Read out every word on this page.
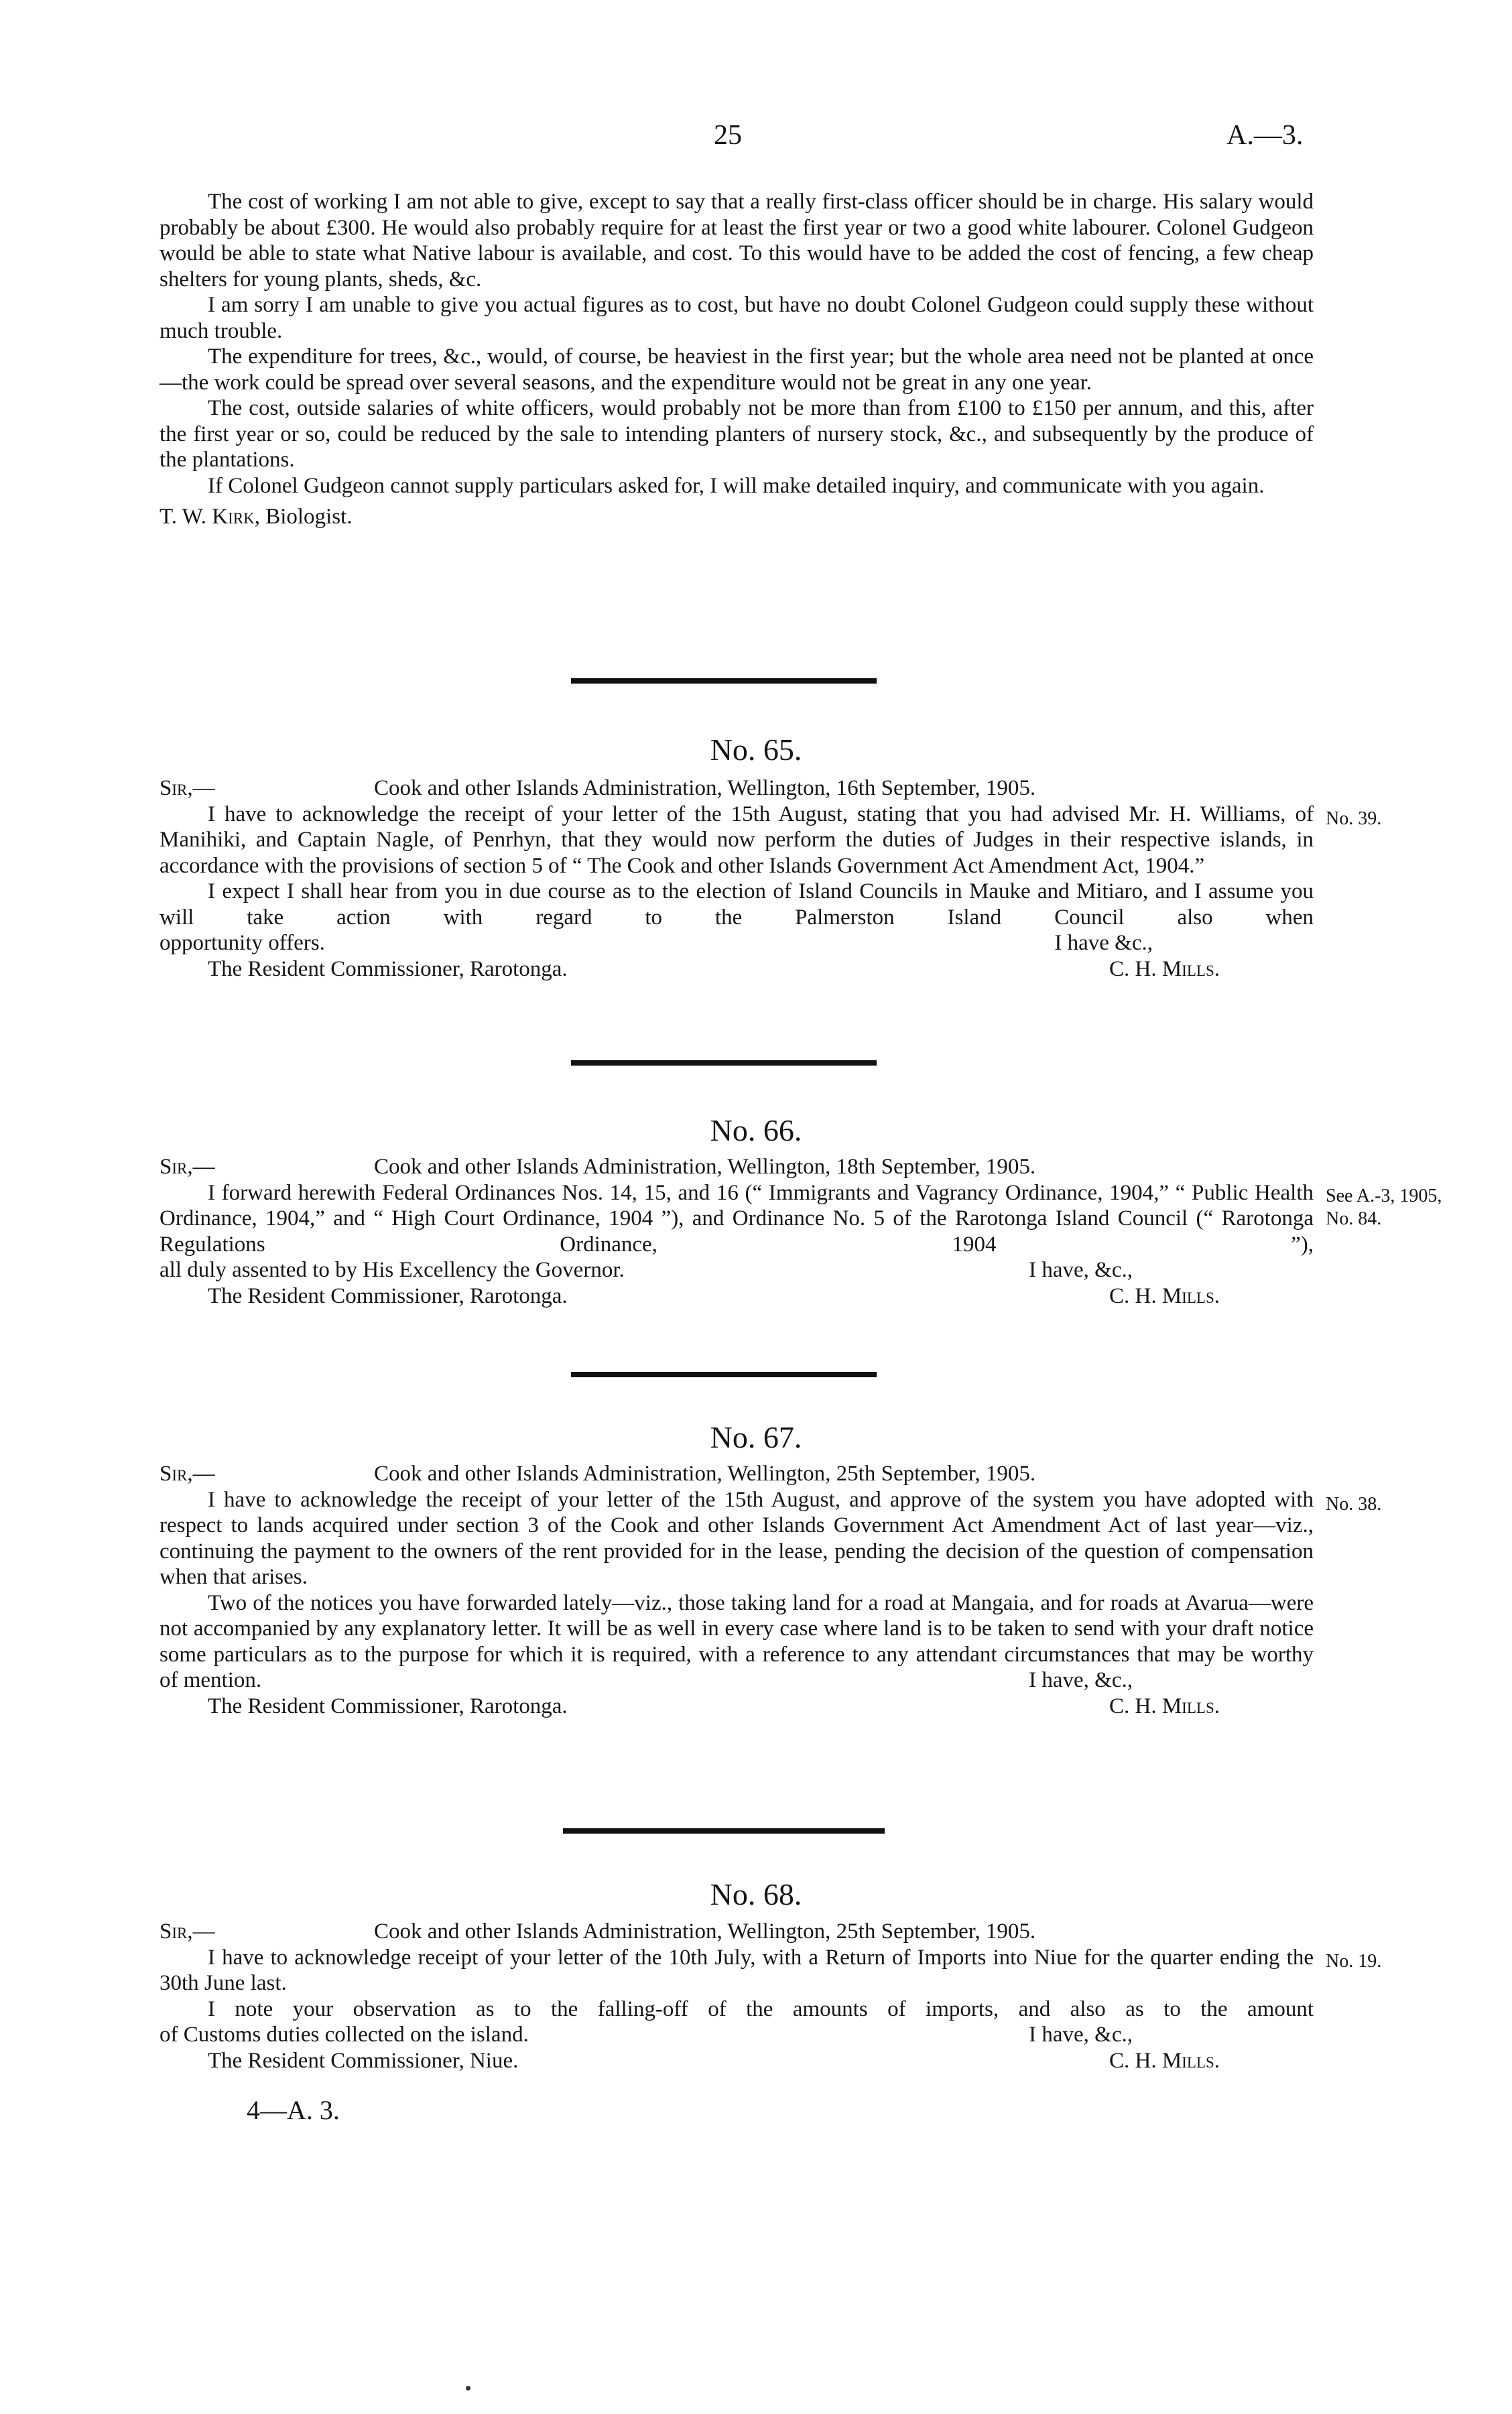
25	A.—3.

The cost of working I am not able to give, except to say that a really first-class officer should be in charge. His salary would probably be about £300. He would also probably require for at least the first year or two a good white labourer. Colonel Gudgeon would be able to state what Native labour is available, and cost. To this would have to be added the cost of fencing, a few cheap shelters for young plants, sheds, &c.

I am sorry I am unable to give you actual figures as to cost, but have no doubt Colonel Gudgeon could supply these without much trouble.

The expenditure for trees, &c., would, of course, be heaviest in the first year; but the whole area need not be planted at once—the work could be spread over several seasons, and the expenditure would not be great in any one year.

The cost, outside salaries of white officers, would probably not be more than from £100 to £150 per annum, and this, after the first year or so, could be reduced by the sale to intending planters of nursery stock, &c., and subsequently by the produce of the plantations.

If Colonel Gudgeon cannot supply particulars asked for, I will make detailed inquiry, and communicate with you again.

T. W. Kirk, Biologist.

No. 65.
Sir,—	Cook and other Islands Administration, Wellington, 16th September, 1905.

I have to acknowledge the receipt of your letter of the 15th August, stating that you had advised Mr. H. Williams, of Manihiki, and Captain Nagle, of Penrhyn, that they would now perform the duties of Judges in their respective islands, in accordance with the provisions of section 5 of “ The Cook and other Islands Government Act Amendment Act, 1904.”

I expect I shall hear from you in due course as to the election of Island Councils in Mauke and Mitiaro, and I assume you will take action with regard to the Palmerston Island Council also when

opportunity offers.	I have &c.,
The Resident Commissioner, Rarotonga.	C. H. Mills.
No. 39.
No. 66.
Sir,—	Cook and other Islands Administration, Wellington, 18th September, 1905.

I forward herewith Federal Ordinances Nos. 14, 15, and 16 (“ Immigrants and Vagrancy Ordinance, 1904,” “ Public Health Ordinance, 1904,” and “ High Court Ordinance, 1904 ”), and Ordinance No. 5 of the Rarotonga Island Council (“ Rarotonga Regulations Ordinance, 1904 ”),

all duly assented to by His Excellency the Governor.	I have, &c.,
The Resident Commissioner, Rarotonga.	C. H. Mills.
See A.-3, 1905, No. 84.
No. 67.
Sir,—	Cook and other Islands Administration, Wellington, 25th September, 1905.

I have to acknowledge the receipt of your letter of the 15th August, and approve of the system you have adopted with respect to lands acquired under section 3 of the Cook and other Islands Government Act Amendment Act of last year—viz., continuing the payment to the owners of the rent provided for in the lease, pending the decision of the question of compensation when that arises.

Two of the notices you have forwarded lately—viz., those taking land for a road at Mangaia, and for roads at Avarua—were not accompanied by any explanatory letter. It will be as well in every case where land is to be taken to send with your draft notice some particulars as to the purpose for which it is required, with a reference to any attendant circumstances that may be worthy

of mention.	I have, &c.,
The Resident Commissioner, Rarotonga.	C. H. Mills.
No. 38.
No. 68.
Sir,—	Cook and other Islands Administration, Wellington, 25th September, 1905.

I have to acknowledge receipt of your letter of the 10th July, with a Return of Imports into Niue for the quarter ending the 30th June last.

I note your observation as to the falling-off of the amounts of imports, and also as to the amount

of Customs duties collected on the island.	I have, &c.,
The Resident Commissioner, Niue.	C. H. Mills.
No. 19.
4—A. 3.
